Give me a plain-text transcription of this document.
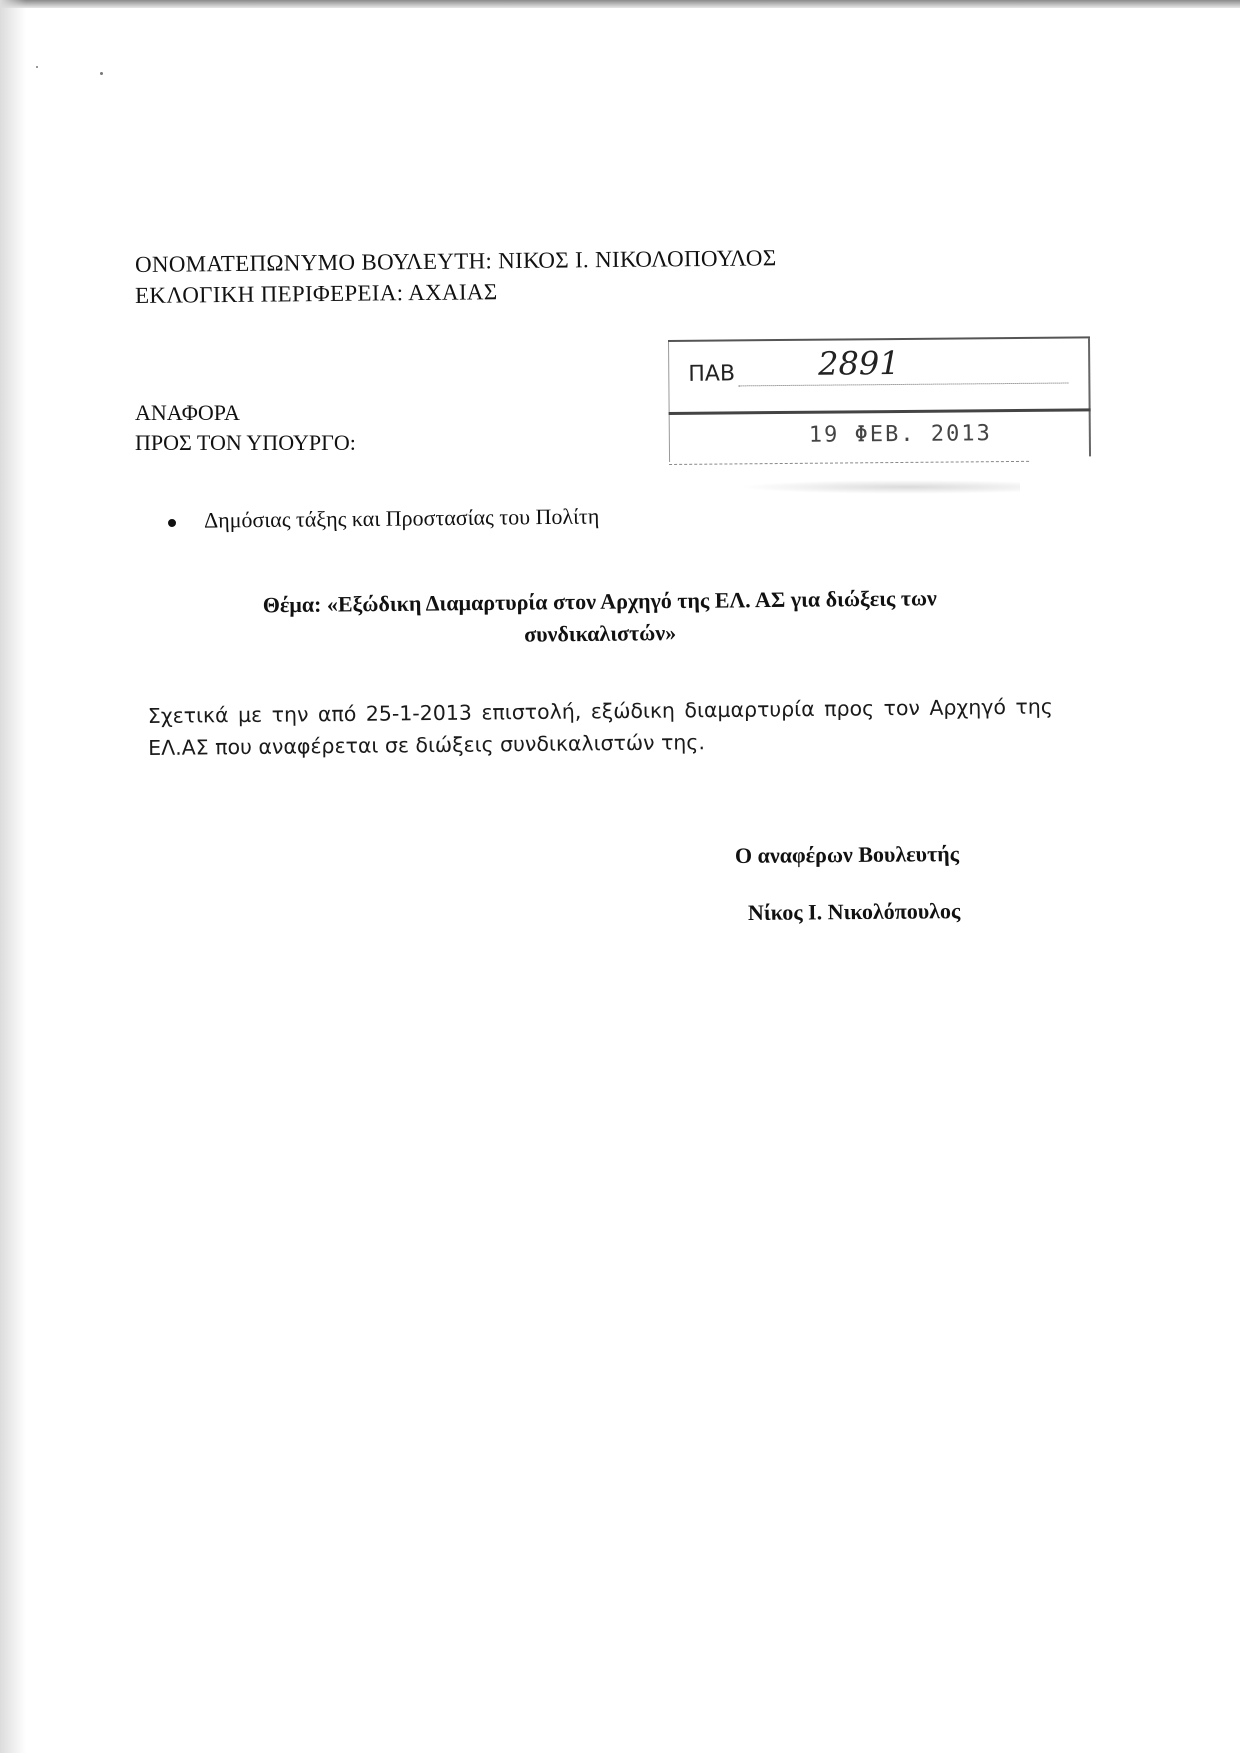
ΟΝΟΜΑΤΕΠΩΝΥΜΟ ΒΟΥΛΕΥΤΗ: ΝΙΚΟΣ Ι. ΝΙΚΟΛΟΠΟΥΛΟΣ
ΕΚΛΟΓΙΚΗ ΠΕΡΙΦΕΡΕΙΑ: ΑΧΑΙΑΣ
ΑΝΑΦΟΡΑ
ΠΡΟΣ ΤΟΝ ΥΠΟΥΡΓΟ:
ΠΑΒ	2891
19 ΦΕΒ. 2013
Δημόσιας τάξης και Προστασίας του Πολίτη
Θέμα: «Εξώδικη Διαμαρτυρία στον Αρχηγό της ΕΛ. ΑΣ για διώξεις των
συνδικαλιστών»
Σχετικά με την από 25-1-2013 επιστολή, εξώδικη διαμαρτυρία προς τον Αρχηγό της
ΕΛ.ΑΣ που αναφέρεται σε διώξεις συνδικαλιστών της.
Ο αναφέρων Βουλευτής
Νίκος Ι. Νικολόπουλος
